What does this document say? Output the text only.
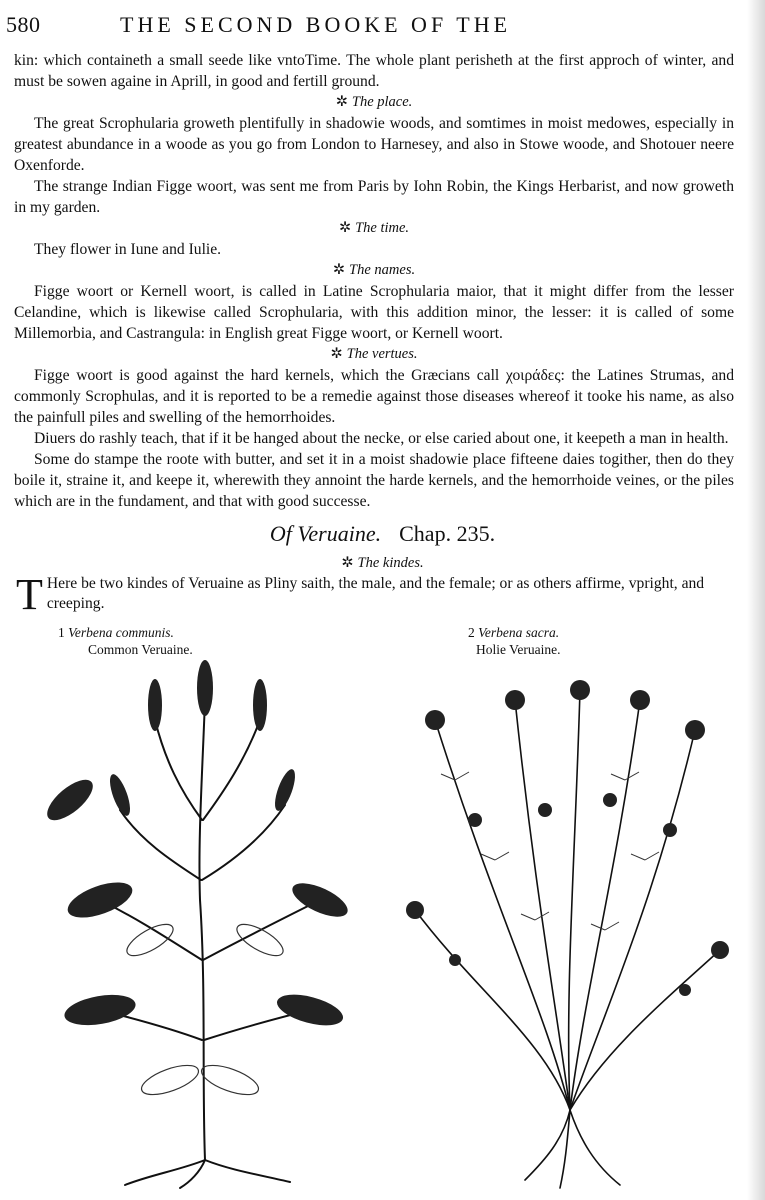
580	THE SECOND BOOKE OF THE

kin: which containeth a small seede like vntoTime. The whole plant perisheth at the first approch of winter, and must be sowen againe in Aprill, in good and fertill ground.

✲ The place.

The great Scrophularia groweth plentifully in shadowie woods, and somtimes in moist medowes, especially in greatest abundance in a woode as you go from London to Harnesey, and also in Stowe woode, and Shotouer neere Oxenforde.

The strange Indian Figge woort, was sent me from Paris by Iohn Robin, the Kings Herbarist, and now groweth in my garden.

✲ The time.

They flower in Iune and Iulie.

✲ The names.

Figge woort or Kernell woort, is called in Latine Scrophularia maior, that it might differ from the lesser Celandine, which is likewise called Scrophularia, with this addition minor, the lesser: it is called of some Millemorbia, and Castrangula: in English great Figge woort, or Kernell woort.

✲ The vertues.

Figge woort is good against the hard kernels, which the Græcians call χοιράδες: the Latines Strumas, and commonly Scrophulas, and it is reported to be a remedie against those diseases whereof it tooke his name, as also the painfull piles and swelling of the hemorrhoides.

Diuers do rashly teach, that if it be hanged about the necke, or else caried about one, it keepeth a man in health.

Some do stampe the roote with butter, and set it in a moist shadowie place fifteene daies togither, then do they boile it, straine it, and keepe it, wherewith they annoint the harde kernels, and the hemorrhoide veines, or the piles which are in the fundament, and that with good successe.

Of Veruaine. Chap. 235.

✲ The kindes.

T Here be two kindes of Veruaine as Pliny saith, the male, and the female; or as others affirme, vpright, and creeping.
1 Verbena communis.
Common Veruaine.
2 Verbena sacra.
Holie Veruaine.
